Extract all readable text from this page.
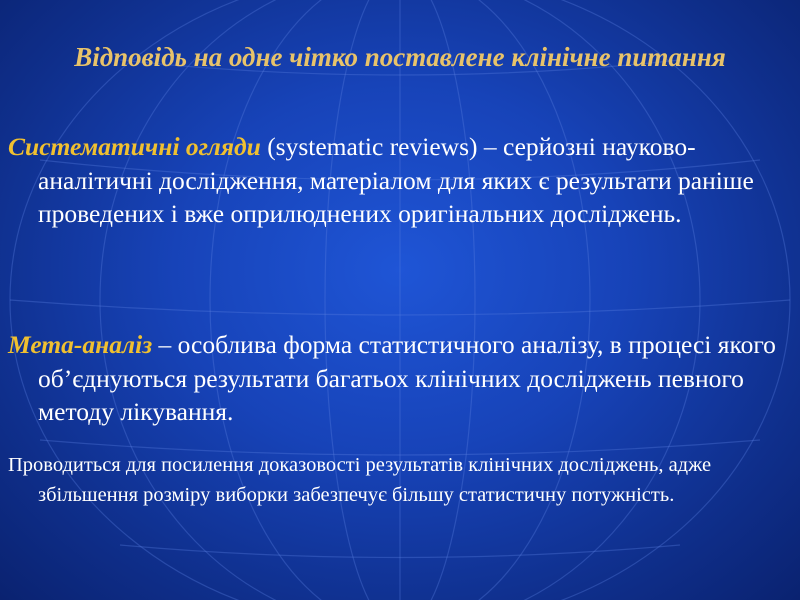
Відповідь на одне чітко поставлене клінічне питання
Систематичні огляди (systematic reviews) – серйозні науково-аналітичні дослідження, матеріалом для яких є результати раніше проведених і вже оприлюднених оригінальних досліджень.
Мета-аналіз – особлива форма статистичного аналізу, в процесі якого об’єднуються результати багатьох клінічних досліджень певного методу лікування.
Проводиться для посилення доказовості результатів клінічних досліджень, адже збільшення розміру виборки забезпечує більшу статистичну потужність.
